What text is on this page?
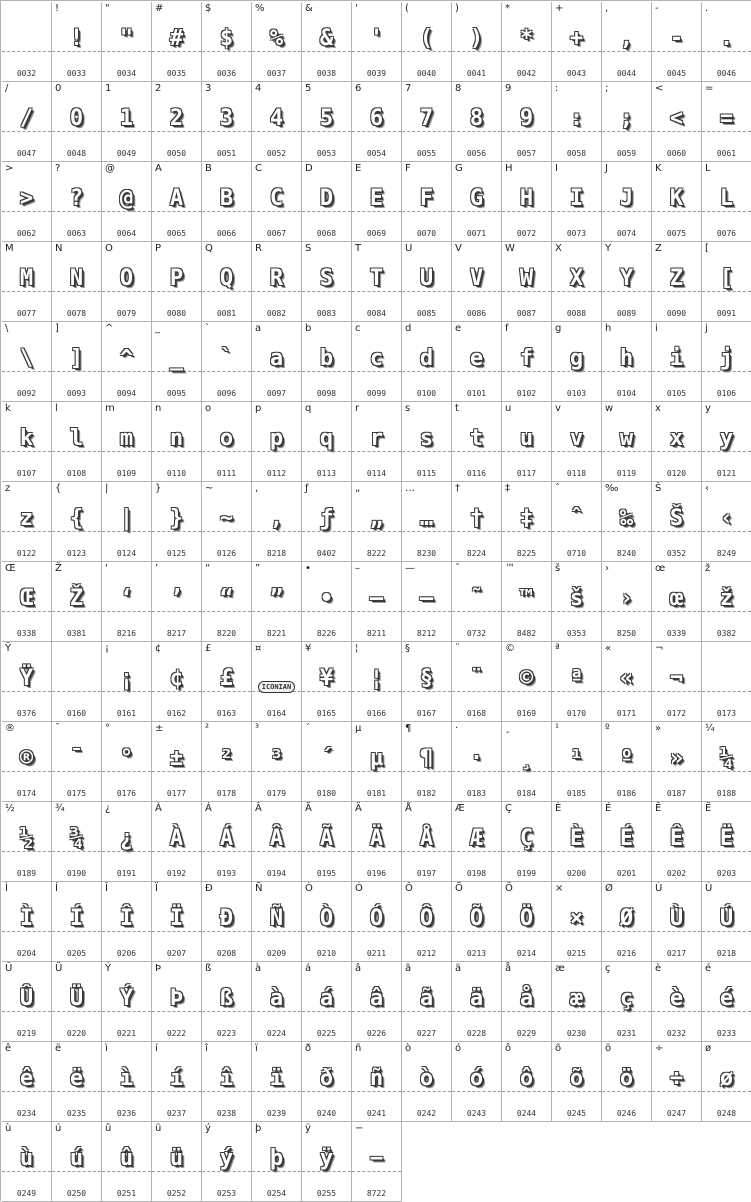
0032
!
!
0033
"
"
0034
#
#
0035
$
$
0036
%
%
0037
&
&
0038
'
'
0039
(
(
0040
)
)
0041
*
*
0042
+
+
0043
,
,
0044
-
-
0045
.
.
0046
/
/
0047
0
0
0048
1
1
0049
2
2
0050
3
3
0051
4
4
0052
5
5
0053
6
6
0054
7
7
0055
8
8
0056
9
9
0057
:
:
0058
;
;
0059
<
<
0060
=
=
0061
>
>
0062
?
?
0063
@
@
0064
A
A
0065
B
B
0066
C
C
0067
D
D
0068
E
E
0069
F
F
0070
G
G
0071
H
H
0072
I
I
0073
J
J
0074
K
K
0075
L
L
0076
M
M
0077
N
N
0078
O
O
0079
P
P
0080
Q
Q
0081
R
R
0082
S
S
0083
T
T
0084
U
U
0085
V
V
0086
W
W
0087
X
X
0088
Y
Y
0089
Z
Z
0090
[
[
0091
\
\
0092
]
]
0093
^
^
0094
_
_
0095
`
`
0096
a
a
0097
b
b
0098
c
c
0099
d
d
0100
e
e
0101
f
f
0102
g
g
0103
h
h
0104
i
i
0105
j
j
0106
k
k
0107
l
l
0108
m
m
0109
n
n
0110
o
o
0111
p
p
0112
q
q
0113
r
r
0114
s
s
0115
t
t
0116
u
u
0117
v
v
0118
w
w
0119
x
x
0120
y
y
0121
z
z
0122
{
{
0123
|
|
0124
}
}
0125
~
~
0126
‚
‚
8218
ƒ
ƒ
0402
„
„
8222
…
…
8230
†
†
8224
‡
‡
8225
ˆ
ˆ
0710
‰
‰
8240
Š
Š
0352
‹
‹
8249
Œ
Œ
0338
Ž
Ž
0381
‘
‘
8216
’
’
8217
“
“
8220
”
”
8221
•
•
8226
–
–
8211
—
—
8212
˜
˜
0732
™
™
8482
š
š
0353
›
›
8250
œ
œ
0339
ž
ž
0382
Ÿ
Ÿ
0376	0160
¡
¡
0161
¢
¢
0162
£
£
0163
¤
ICONIAN
0164
¥
¥
0165
¦
¦
0166
§
§
0167
¨
¨
0168
©
©
0169
ª
ª
0170
«
«
0171
¬
¬
0172	0173
®
®
0174
¯
¯
0175
°
°
0176
±
±
0177
²
²
0178
³
³
0179
´
´
0180
µ
µ
0181
¶
¶
0182
·
·
0183
¸
¸
0184
¹
¹
0185
º
º
0186
»
»
0187
¼
¼
0188
½
½
0189
¾
¾
0190
¿
¿
0191
À
À
0192
Á
Á
0193
Â
Â
0194
Ã
Ã
0195
Ä
Ä
0196
Å
Å
0197
Æ
Æ
0198
Ç
Ç
0199
È
È
0200
É
É
0201
Ê
Ê
0202
Ë
Ë
0203
Ì
Ì
0204
Í
Í
0205
Î
Î
0206
Ï
Ï
0207
Ð
Ð
0208
Ñ
Ñ
0209
Ò
Ò
0210
Ó
Ó
0211
Ô
Ô
0212
Õ
Õ
0213
Ö
Ö
0214
×
×
0215
Ø
Ø
0216
Ù
Ù
0217
Ú
Ú
0218
Û
Û
0219
Ü
Ü
0220
Ý
Ý
0221
Þ
Þ
0222
ß
ß
0223
à
à
0224
á
á
0225
â
â
0226
ã
ã
0227
ä
ä
0228
å
å
0229
æ
æ
0230
ç
ç
0231
è
è
0232
é
é
0233
ê
ê
0234
ë
ë
0235
ì
ì
0236
í
í
0237
î
î
0238
ï
ï
0239
ð
ð
0240
ñ
ñ
0241
ò
ò
0242
ó
ó
0243
ô
ô
0244
õ
õ
0245
ö
ö
0246
÷
÷
0247
ø
ø
0248
ù
ù
0249
ú
ú
0250
û
û
0251
ü
ü
0252
ý
ý
0253
þ
þ
0254
ÿ
ÿ
0255
−
−
8722
